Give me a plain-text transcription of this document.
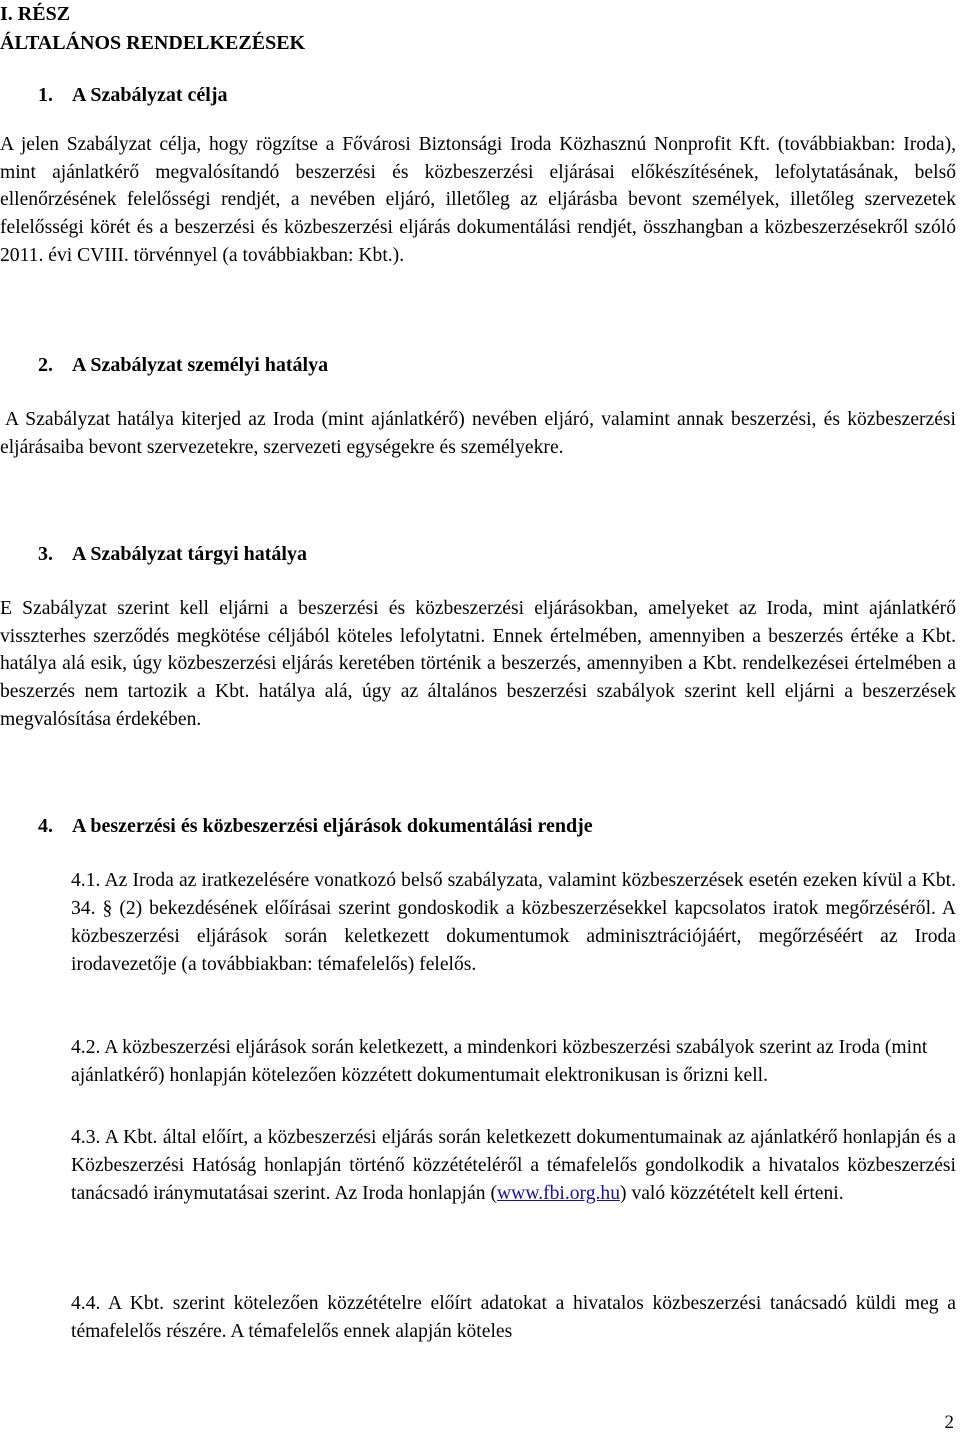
I. RÉSZ
ÁLTALÁNOS RENDELKEZÉSEK
1. A Szabályzat célja
A jelen Szabályzat célja, hogy rögzítse a Fővárosi Biztonsági Iroda Közhasznú Nonprofit Kft. (továbbiakban: Iroda), mint ajánlatkérő megvalósítandó beszerzési és közbeszerzési eljárásai előkészítésének, lefolytatásának, belső ellenőrzésének felelősségi rendjét, a nevében eljáró, illetőleg az eljárásba bevont személyek, illetőleg szervezetek felelősségi körét és a beszerzési és közbeszerzési eljárás dokumentálási rendjét, összhangban a közbeszerzésekről szóló 2011. évi CVIII. törvénnyel (a továbbiakban: Kbt.).
2. A Szabályzat személyi hatálya
A Szabályzat hatálya kiterjed az Iroda (mint ajánlatkérő) nevében eljáró, valamint annak beszerzési, és közbeszerzési eljárásaiba bevont szervezetekre, szervezeti egységekre és személyekre.
3. A Szabályzat tárgyi hatálya
E Szabályzat szerint kell eljárni a beszerzési és közbeszerzési eljárásokban, amelyeket az Iroda, mint ajánlatkérő visszterhes szerződés megkötése céljából köteles lefolytatni. Ennek értelmében, amennyiben a beszerzés értéke a Kbt. hatálya alá esik, úgy közbeszerzési eljárás keretében történik a beszerzés, amennyiben a Kbt. rendelkezései értelmében a beszerzés nem tartozik a Kbt. hatálya alá, úgy az általános beszerzési szabályok szerint kell eljárni a beszerzések megvalósítása érdekében.
4. A beszerzési és közbeszerzési eljárások dokumentálási rendje
4.1. Az Iroda az iratkezelésére vonatkozó belső szabályzata, valamint közbeszerzések esetén ezeken kívül a Kbt. 34. § (2) bekezdésének előírásai szerint gondoskodik a közbeszerzésekkel kapcsolatos iratok megőrzéséről. A közbeszerzési eljárások során keletkezett dokumentumok adminisztrációjáért, megőrzéséért az Iroda irodavezetője (a továbbiakban: témafelelős) felelős.
4.2. A közbeszerzési eljárások során keletkezett, a mindenkori közbeszerzési szabályok szerint az Iroda (mint ajánlatkérő) honlapján kötelezően közzétett dokumentumait elektronikusan is őrizni kell.
4.3. A Kbt. által előírt, a közbeszerzési eljárás során keletkezett dokumentumainak az ajánlatkérő honlapján és a Közbeszerzési Hatóság honlapján történő közzétételéről a témafelelős gondolkodik a hivatalos közbeszerzési tanácsadó iránymutatásai szerint. Az Iroda honlapján (www.fbi.org.hu) való közzétételt kell érteni.
4.4. A Kbt. szerint kötelezően közzétételre előírt adatokat a hivatalos közbeszerzési tanácsadó küldi meg a témafelelős részére. A témafelelős ennek alapján köteles
2
